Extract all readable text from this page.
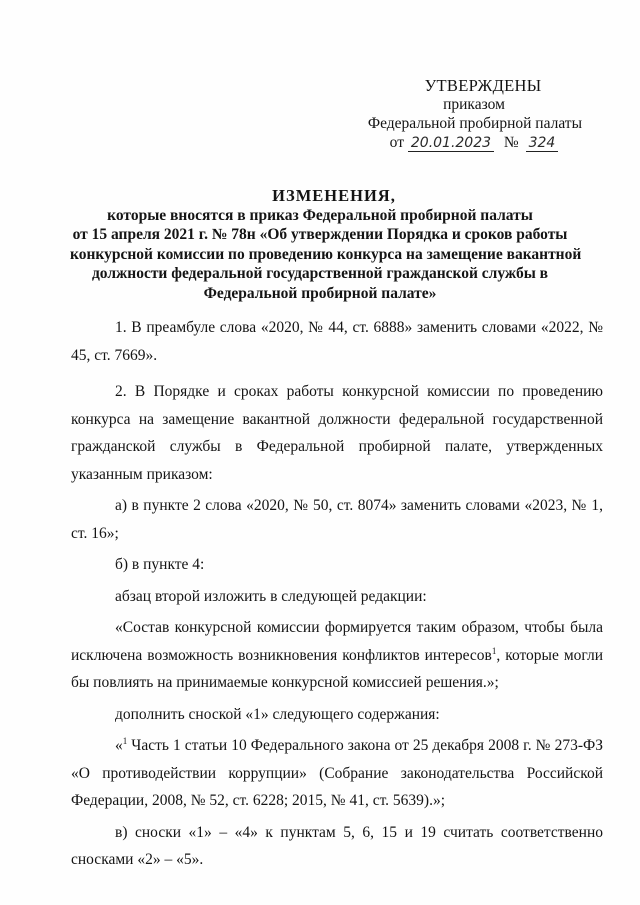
УТВЕРЖДЕНЫ
приказом
Федеральной пробирной палаты
от 20.01.2023 № 324
ИЗМЕНЕНИЯ,
которые вносятся в приказ Федеральной пробирной палаты
от 15 апреля 2021 г. № 78н «Об утверждении Порядка и сроков работы
конкурсной комиссии по проведению конкурса на замещение вакантной
должности федеральной государственной гражданской службы в
Федеральной пробирной палате»

1. В преамбуле слова «2020, № 44, ст. 6888» заменить словами «2022, № 45, ст. 7669».

2. В Порядке и сроках работы конкурсной комиссии по проведению конкурса на замещение вакантной должности федеральной государственной гражданской службы в Федеральной пробирной палате, утвержденных указанным приказом:

а) в пункте 2 слова «2020, № 50, ст. 8074» заменить словами «2023, № 1, ст. 16»;

б) в пункте 4:

абзац второй изложить в следующей редакции:

«Состав конкурсной комиссии формируется таким образом, чтобы была исключена возможность возникновения конфликтов интересов$^1$, которые могли бы повлиять на принимаемые конкурсной комиссией решения.»;

дополнить сноской «1» следующего содержания:

«$^1$ Часть 1 статьи 10 Федерального закона от 25 декабря 2008 г. № 273-ФЗ «О противодействии коррупции» (Собрание законодательства Российской Федерации, 2008, № 52, ст. 6228; 2015, № 41, ст. 5639).»;

в) сноски «1» – «4» к пунктам 5, 6, 15 и 19 считать соответственно сносками «2» – «5».
